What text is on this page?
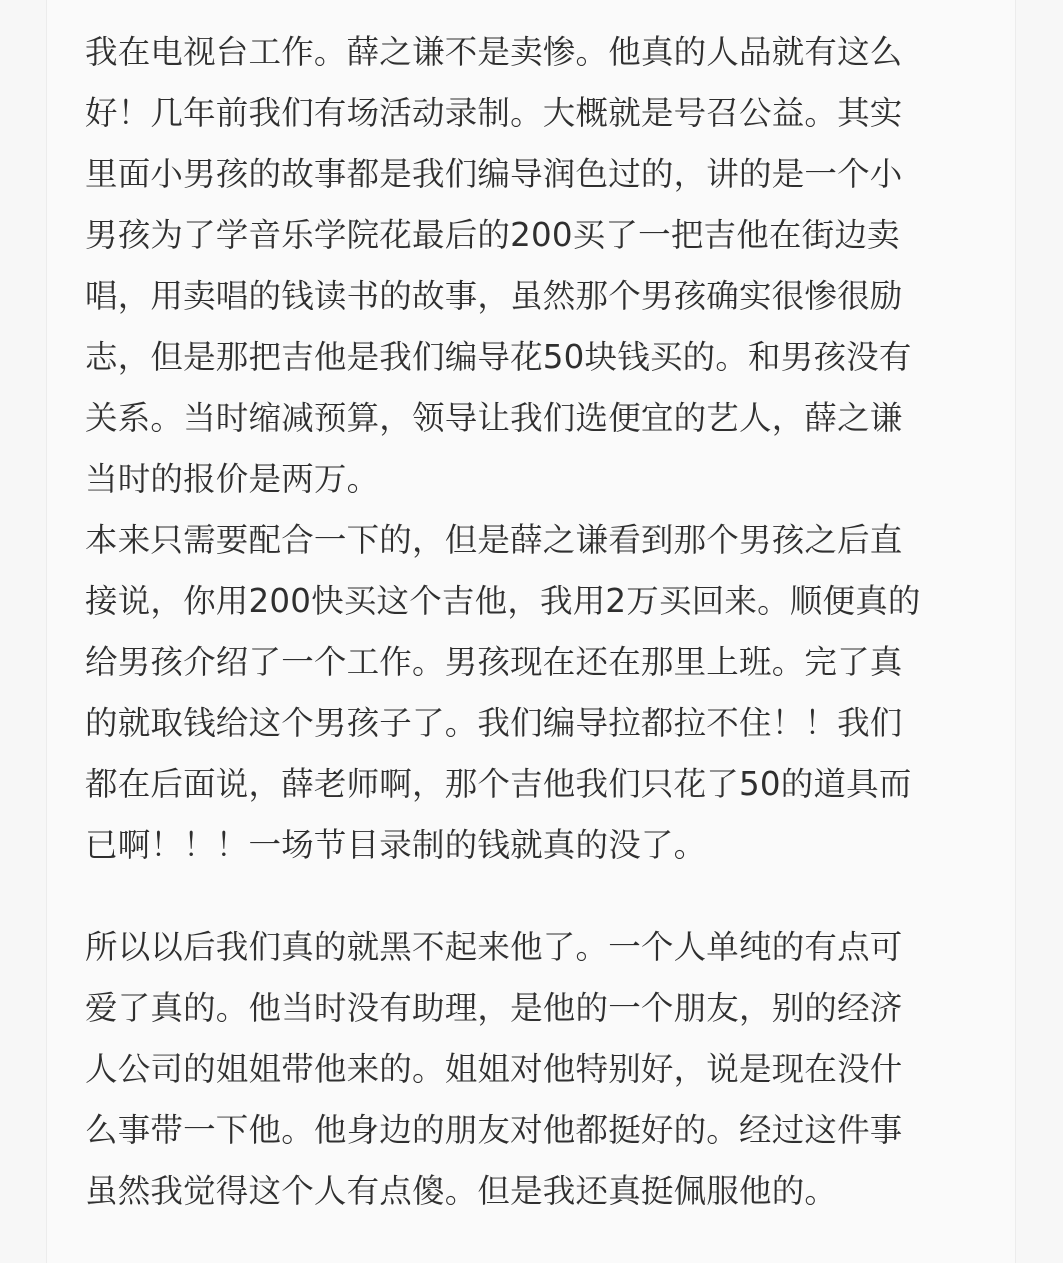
我在电视台工作。薛之谦不是卖惨。他真的人品就有这么
好！几年前我们有场活动录制。大概就是号召公益。其实
里面小男孩的故事都是我们编导润色过的，讲的是一个小
男孩为了学音乐学院花最后的200买了一把吉他在街边卖
唱，用卖唱的钱读书的故事，虽然那个男孩确实很惨很励
志，但是那把吉他是我们编导花50块钱买的。和男孩没有
关系。当时缩减预算，领导让我们选便宜的艺人，薛之谦
当时的报价是两万。
本来只需要配合一下的，但是薛之谦看到那个男孩之后直
接说，你用200快买这个吉他，我用2万买回来。顺便真的
给男孩介绍了一个工作。男孩现在还在那里上班。完了真
的就取钱给这个男孩子了。我们编导拉都拉不住！！我们
都在后面说，薛老师啊，那个吉他我们只花了50的道具而
已啊！！！一场节目录制的钱就真的没了。
所以以后我们真的就黑不起来他了。一个人单纯的有点可
爱了真的。他当时没有助理，是他的一个朋友，别的经济
人公司的姐姐带他来的。姐姐对他特别好，说是现在没什
么事带一下他。他身边的朋友对他都挺好的。经过这件事
虽然我觉得这个人有点傻。但是我还真挺佩服他的。
